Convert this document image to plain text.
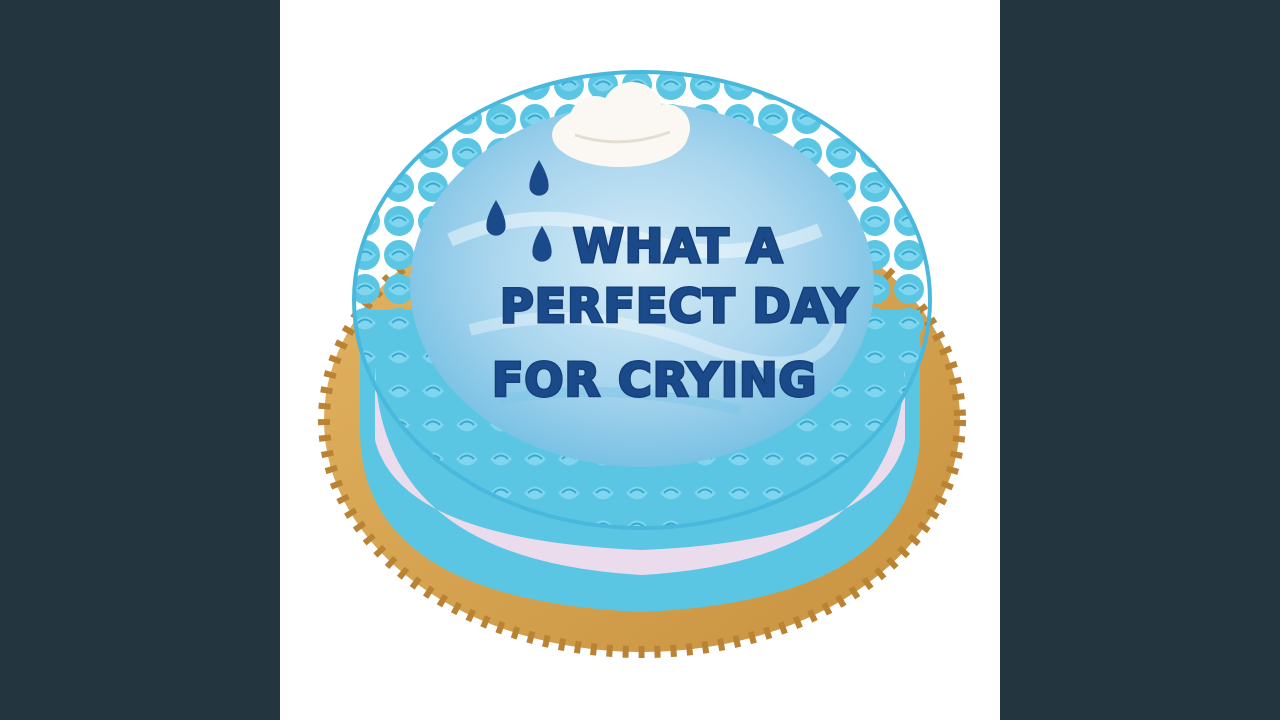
WHAT A
PERFECT DAY
FOR CRYING
